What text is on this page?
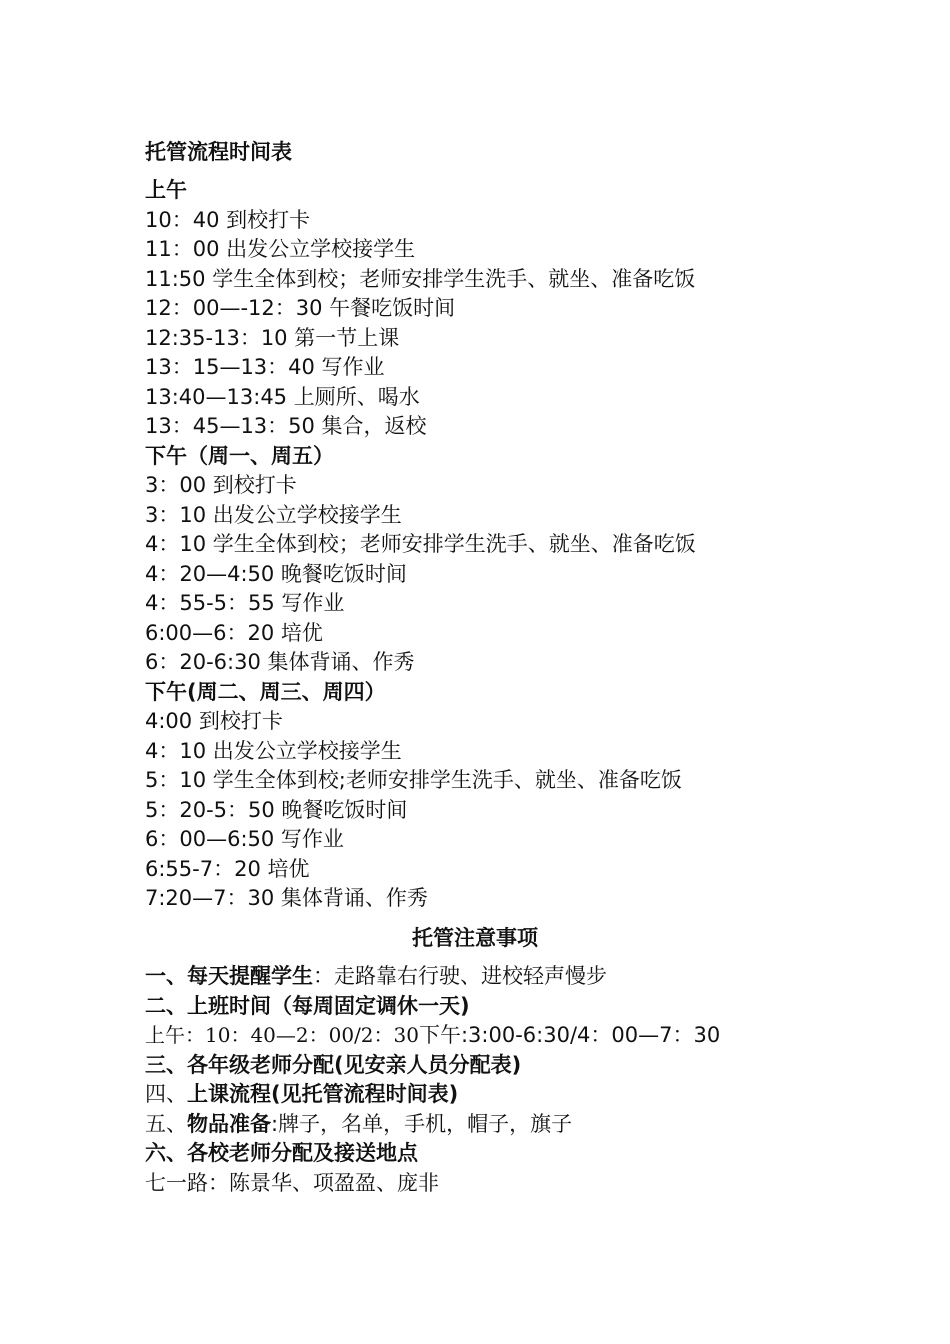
托管流程时间表
上午
10：40 到校打卡
11：00 出发公立学校接学生
11:50 学生全体到校；老师安排学生洗手、就坐、准备吃饭
12：00—-12：30 午餐吃饭时间
12:35-13：10 第一节上课
13：15—13：40 写作业
13:40—13:45 上厕所、喝水
13：45—13：50 集合，返校
下午（周一、周五）
3：00 到校打卡
3：10 出发公立学校接学生
4：10 学生全体到校；老师安排学生洗手、就坐、准备吃饭
4：20—4:50 晚餐吃饭时间
4：55-5：55 写作业
6:00—6：20 培优
6：20-6:30 集体背诵、作秀
下午(周二、周三、周四）
4:00 到校打卡
4：10 出发公立学校接学生
5：10 学生全体到校;老师安排学生洗手、就坐、准备吃饭
5：20-5：50 晚餐吃饭时间
6：00—6:50 写作业
6:55-7：20 培优
7:20—7：30 集体背诵、作秀
托管注意事项
一、每天提醒学生：走路靠右行驶、进校轻声慢步
二、上班时间（每周固定调休一天)
上午：10：40—2：00/2：30下午:3:00-6:30/4：00—7：30
三、各年级老师分配(见安亲人员分配表)
四、上课流程(见托管流程时间表)
五、物品准备:牌子，名单，手机，帽子，旗子
六、各校老师分配及接送地点
七一路：陈景华、项盈盈、庞非
